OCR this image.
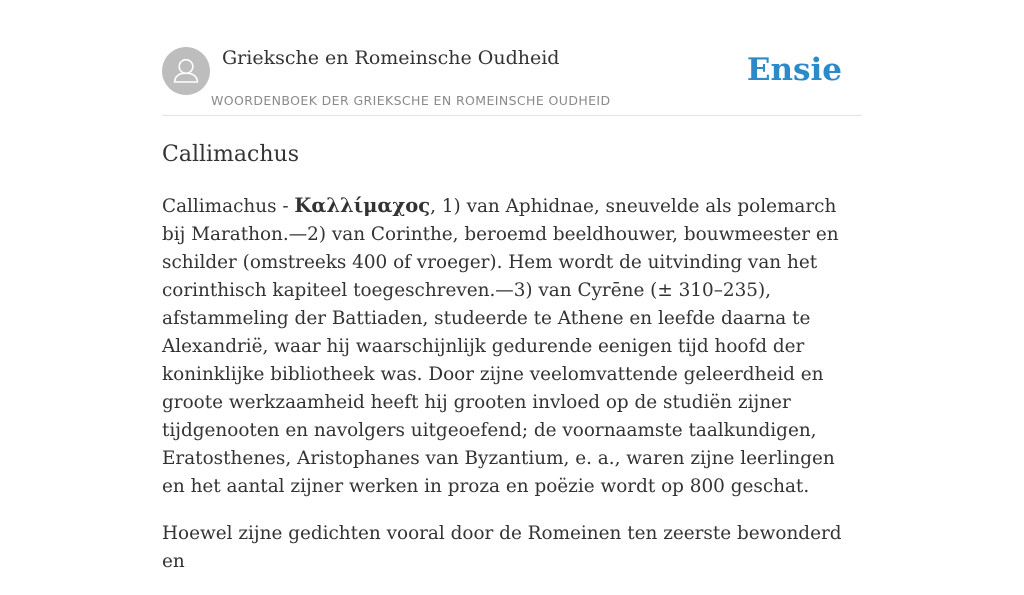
Grieksche en Romeinsche Oudheid
WOORDENBOEK DER GRIEKSCHE EN ROMEINSCHE OUDHEID
Ensie
Callimachus

Callimachus - Καλλίμαχος, 1) van Aphidnae, sneuvelde als polemarch bij Marathon.—2) van Corinthe, beroemd beeldhouwer, bouwmeester en schilder (omstreeks 400 of vroeger). Hem wordt de uitvinding van het corinthisch kapiteel toegeschreven.—3) van Cyrēne (± 310–235), afstammeling der Battiaden, studeerde te Athene en leefde daarna te Alexandrië, waar hij waarschijnlijk gedurende eenigen tijd hoofd der koninklijke bibliotheek was. Door zijne veelomvattende geleerdheid en groote werkzaamheid heeft hij grooten invloed op de studiën zijner tijdgenooten en navolgers uitgeoefend; de voornaamste taalkundigen, Eratosthenes, Aristophanes van Byzantium, e. a., waren zijne leerlingen en het aantal zijner werken in proza en poëzie wordt op 800 geschat.

Hoewel zijne gedichten vooral door de Romeinen ten zeerste bewonderd en
